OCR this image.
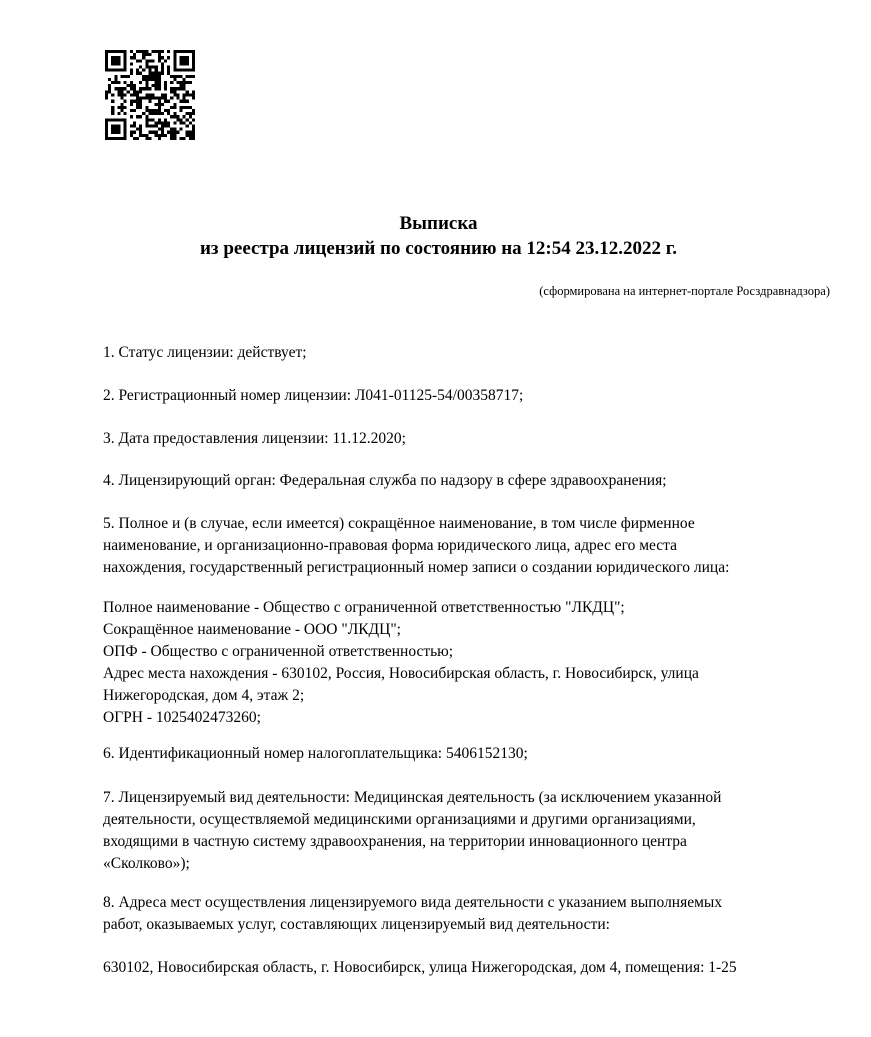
Выписка
из реестра лицензий по состоянию на 12:54 23.12.2022 г.
(сформирована на интернет-портале Росздравнадзора)
1. Статус лицензии: действует;
2. Регистрационный номер лицензии: Л041-01125-54/00358717;
3. Дата предоставления лицензии: 11.12.2020;
4. Лицензирующий орган: Федеральная служба по надзору в сфере здравоохранения;
5. Полное и (в случае, если имеется) сокращённое наименование, в том числе фирменное
наименование, и организационно-правовая форма юридического лица, адрес его места
нахождения, государственный регистрационный номер записи о создании юридического лица:
Полное наименование - Общество с ограниченной ответственностью "ЛКДЦ";
Сокращённое наименование - ООО "ЛКДЦ";
ОПФ - Общество с ограниченной ответственностью;
Адрес места нахождения - 630102, Россия, Новосибирская область, г. Новосибирск, улица
Нижегородская, дом 4, этаж 2;
ОГРН - 1025402473260;
6. Идентификационный номер налогоплательщика: 5406152130;
7. Лицензируемый вид деятельности: Медицинская деятельность (за исключением указанной
деятельности, осуществляемой медицинскими организациями и другими организациями,
входящими в частную систему здравоохранения, на территории инновационного центра
«Сколково»);
8. Адреса мест осуществления лицензируемого вида деятельности с указанием выполняемых
работ, оказываемых услуг, составляющих лицензируемый вид деятельности:
630102, Новосибирская область, г. Новосибирск, улица Нижегородская, дом 4, помещения: 1-25
